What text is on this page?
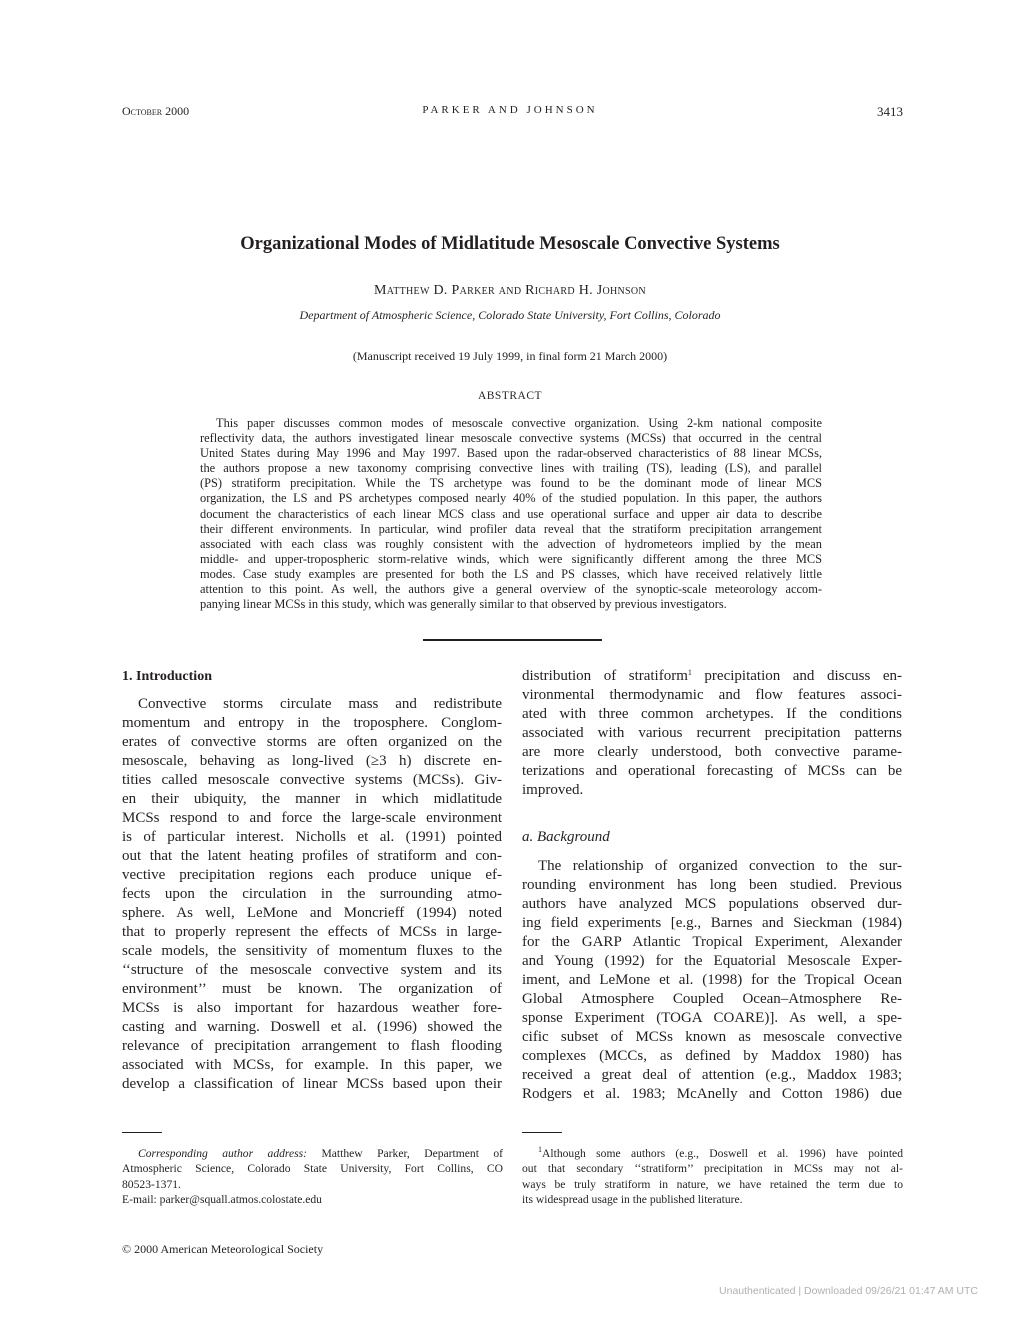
October 2000	PARKER AND JOHNSON	3413
Organizational Modes of Midlatitude Mesoscale Convective Systems
Matthew D. Parker and Richard H. Johnson
Department of Atmospheric Science, Colorado State University, Fort Collins, Colorado
(Manuscript received 19 July 1999, in final form 21 March 2000)
ABSTRACT
This paper discusses common modes of mesoscale convective organization. Using 2-km national composite
reflectivity data, the authors investigated linear mesoscale convective systems (MCSs) that occurred in the central
United States during May 1996 and May 1997. Based upon the radar-observed characteristics of 88 linear MCSs,
the authors propose a new taxonomy comprising convective lines with trailing (TS), leading (LS), and parallel
(PS) stratiform precipitation. While the TS archetype was found to be the dominant mode of linear MCS
organization, the LS and PS archetypes composed nearly 40% of the studied population. In this paper, the authors
document the characteristics of each linear MCS class and use operational surface and upper air data to describe
their different environments. In particular, wind profiler data reveal that the stratiform precipitation arrangement
associated with each class was roughly consistent with the advection of hydrometeors implied by the mean
middle- and upper-tropospheric storm-relative winds, which were significantly different among the three MCS
modes. Case study examples are presented for both the LS and PS classes, which have received relatively little
attention to this point. As well, the authors give a general overview of the synoptic-scale meteorology accom-
panying linear MCSs in this study, which was generally similar to that observed by previous investigators.
1. Introduction
Convective storms circulate mass and redistribute
momentum and entropy in the troposphere. Conglom-
erates of convective storms are often organized on the
mesoscale, behaving as long-lived (≥3 h) discrete en-
tities called mesoscale convective systems (MCSs). Giv-
en their ubiquity, the manner in which midlatitude
MCSs respond to and force the large-scale environment
is of particular interest. Nicholls et al. (1991) pointed
out that the latent heating profiles of stratiform and con-
vective precipitation regions each produce unique ef-
fects upon the circulation in the surrounding atmo-
sphere. As well, LeMone and Moncrieff (1994) noted
that to properly represent the effects of MCSs in large-
scale models, the sensitivity of momentum fluxes to the
‘‘structure of the mesoscale convective system and its
environment’’ must be known. The organization of
MCSs is also important for hazardous weather fore-
casting and warning. Doswell et al. (1996) showed the
relevance of precipitation arrangement to flash flooding
associated with MCSs, for example. In this paper, we
develop a classification of linear MCSs based upon their
distribution of stratiform$^1$ precipitation and discuss en-
vironmental thermodynamic and flow features associ-
ated with three common archetypes. If the conditions
associated with various recurrent precipitation patterns
are more clearly understood, both convective parame-
terizations and operational forecasting of MCSs can be
improved.
a. Background
The relationship of organized convection to the sur-
rounding environment has long been studied. Previous
authors have analyzed MCS populations observed dur-
ing field experiments [e.g., Barnes and Sieckman (1984)
for the GARP Atlantic Tropical Experiment, Alexander
and Young (1992) for the Equatorial Mesoscale Exper-
iment, and LeMone et al. (1998) for the Tropical Ocean
Global Atmosphere Coupled Ocean–Atmosphere Re-
sponse Experiment (TOGA COARE)]. As well, a spe-
cific subset of MCSs known as mesoscale convective
complexes (MCCs, as defined by Maddox 1980) has
received a great deal of attention (e.g., Maddox 1983;
Rodgers et al. 1983; McAnelly and Cotton 1986) due
Corresponding author address: Matthew Parker, Department of
Atmospheric Science, Colorado State University, Fort Collins, CO
80523-1371.
E-mail: parker@squall.atmos.colostate.edu
$^1$Although some authors (e.g., Doswell et al. 1996) have pointed
out that secondary ‘‘stratiform’’ precipitation in MCSs may not al-
ways be truly stratiform in nature, we have retained the term due to
its widespread usage in the published literature.
© 2000 American Meteorological Society
Unauthenticated | Downloaded 09/26/21 01:47 AM UTC
